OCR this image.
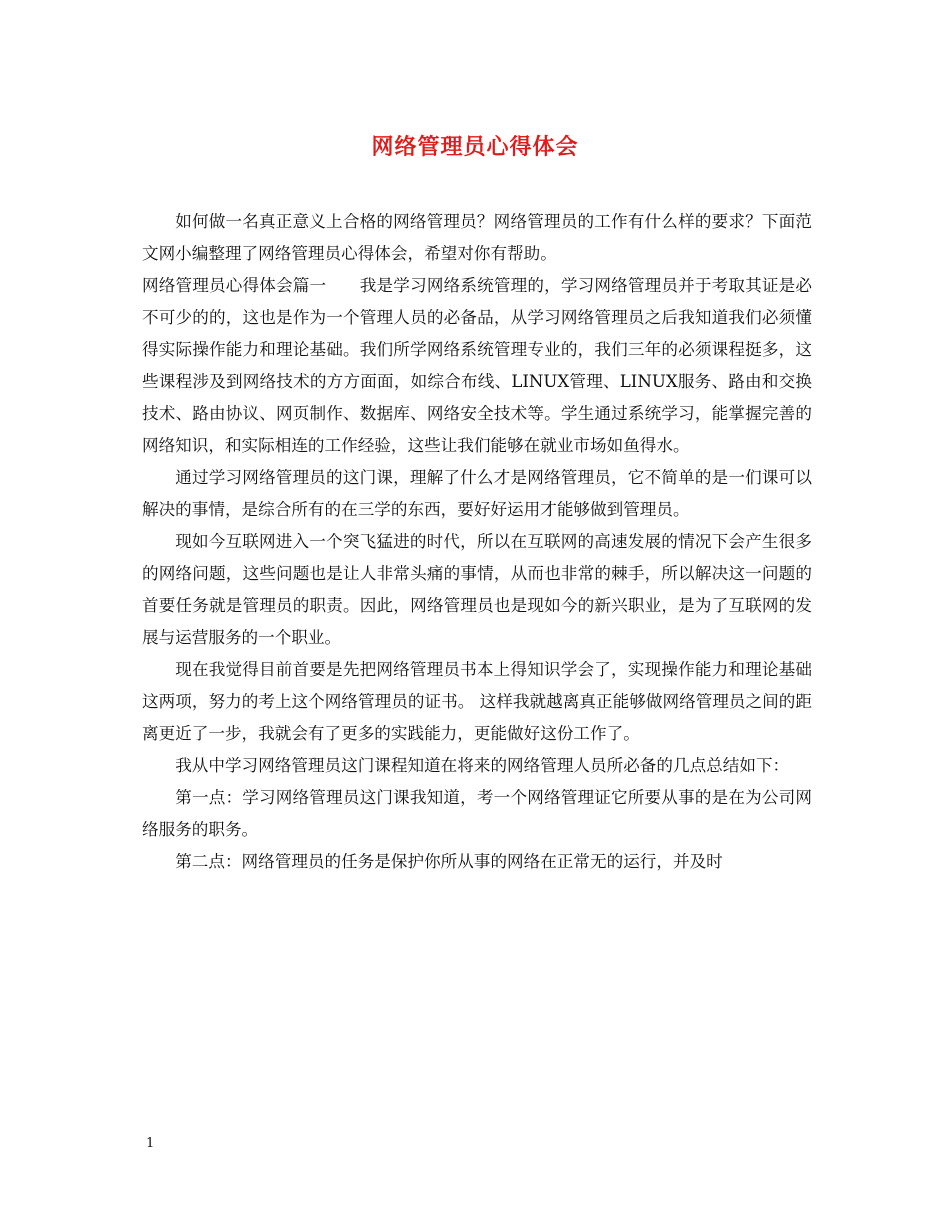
网络管理员心得体会

如何做一名真正意义上合格的网络管理员？网络管理员的工作有什么样的要求？下面范文网小编整理了网络管理员心得体会，希望对你有帮助。

网络管理员心得体会篇一　　我是学习网络系统管理的，学习网络管理员并于考取其证是必不可少的的，这也是作为一个管理人员的必备品，从学习网络管理员之后我知道我们必须懂得实际操作能力和理论基础。我们所学网络系统管理专业的，我们三年的必须课程挺多，这些课程涉及到网络技术的方方面面，如综合布线、LINUX管理、LINUX服务、路由和交换技术、路由协议、网页制作、数据库、网络安全技术等。学生通过系统学习，能掌握完善的网络知识，和实际相连的工作经验，这些让我们能够在就业市场如鱼得水。

通过学习网络管理员的这门课，理解了什么才是网络管理员，它不简单的是一们课可以解决的事情，是综合所有的在三学的东西，要好好运用才能够做到管理员。

现如今互联网进入一个突飞猛进的时代，所以在互联网的高速发展的情况下会产生很多的网络问题，这些问题也是让人非常头痛的事情，从而也非常的棘手，所以解决这一问题的首要任务就是管理员的职责。因此，网络管理员也是现如今的新兴职业，是为了互联网的发展与运营服务的一个职业。

现在我觉得目前首要是先把网络管理员书本上得知识学会了，实现操作能力和理论基础这两项，努力的考上这个网络管理员的证书。 这样我就越离真正能够做网络管理员之间的距离更近了一步，我就会有了更多的实践能力，更能做好这份工作了。

我从中学习网络管理员这门课程知道在将来的网络管理人员所必备的几点总结如下：

第一点：学习网络管理员这门课我知道，考一个网络管理证它所要从事的是在为公司网络服务的职务。

第二点：网络管理员的任务是保护你所从事的网络在正常无的运行，并及时

1
